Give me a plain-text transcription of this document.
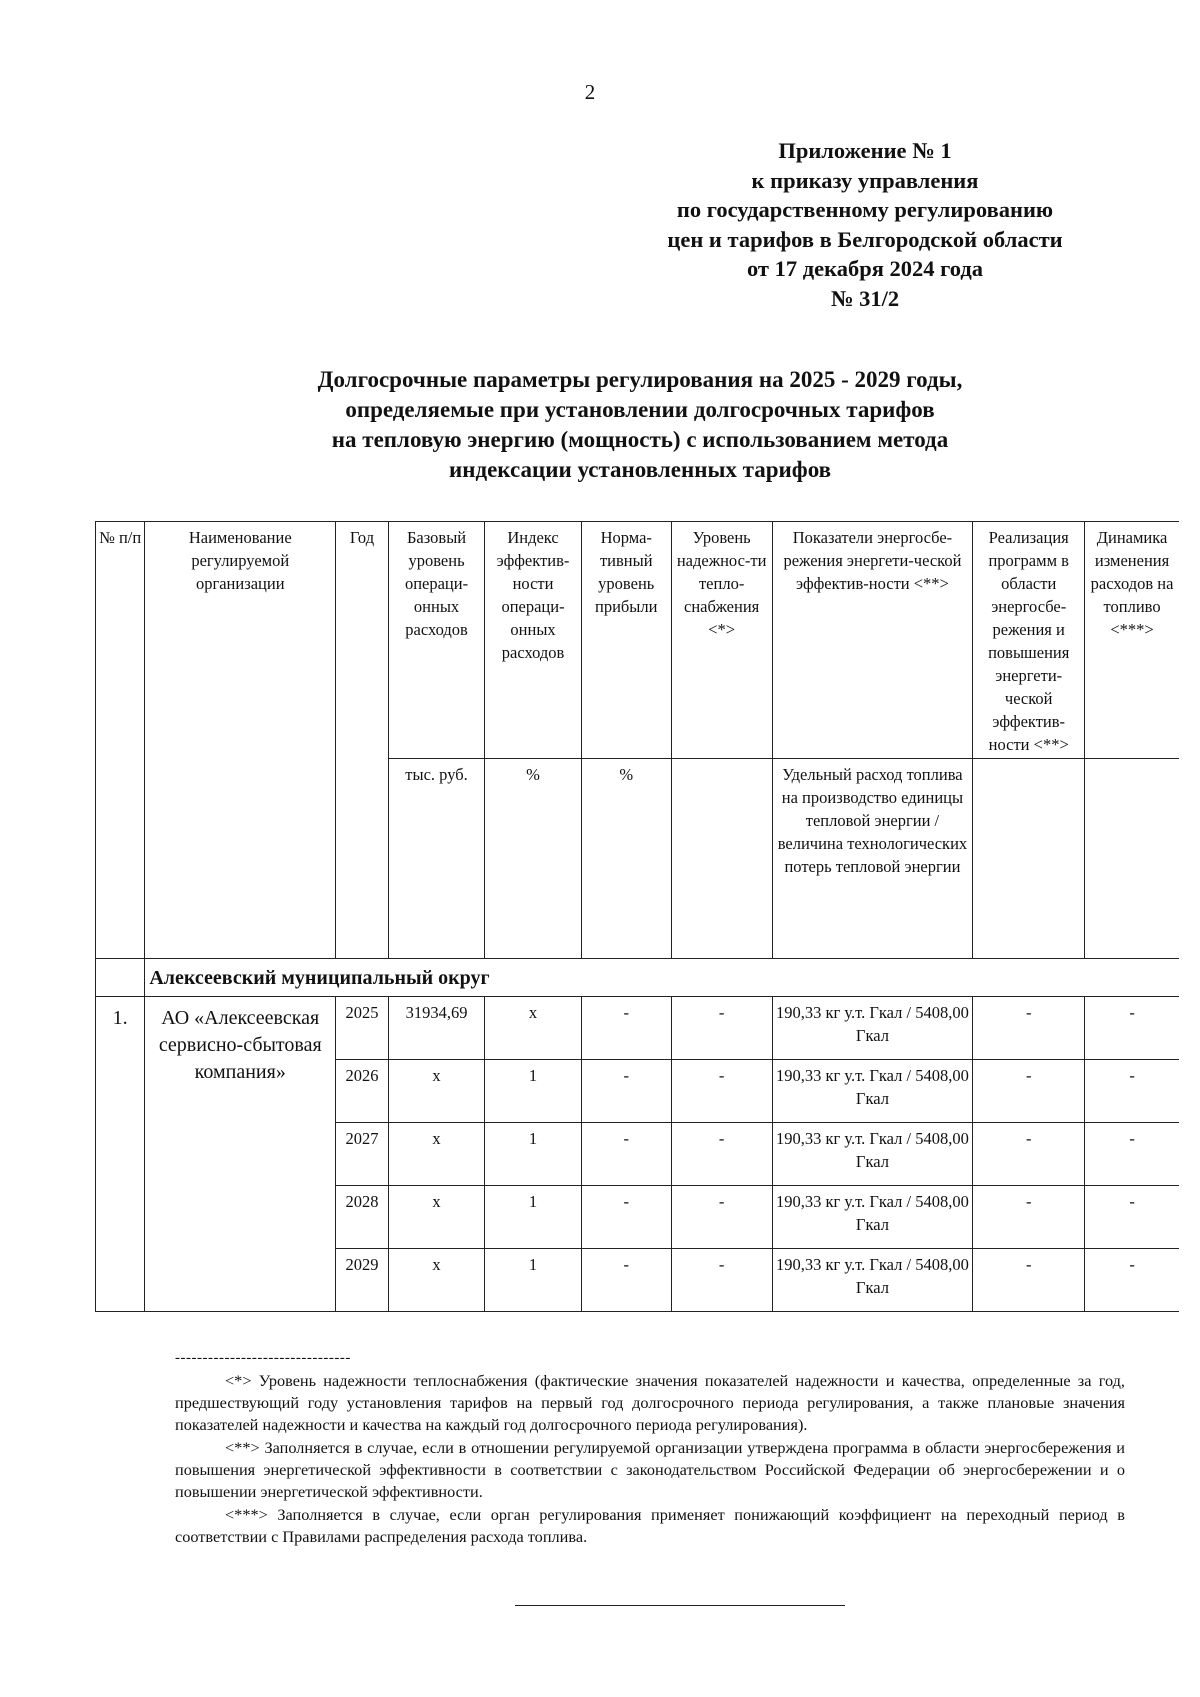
2
Приложение № 1
к приказу управления
по государственному регулированию
цен и тарифов в Белгородской области
от 17 декабря 2024 года
№ 31/2
Долгосрочные параметры регулирования на 2025 - 2029 годы,
определяемые при установлении долгосрочных тарифов
на тепловую энергию (мощность) с использованием метода
индексации установленных тарифов
№ п/п	Наименование регулируемой организации	Год	Базовый уровень операци-онных расходов	Индекс эффектив-ности операци-онных расходов	Норма-тивный уровень прибыли	Уровень надежнос-ти тепло-снабжения <*>	Показатели энергосбе-режения энергети-ческой эффектив-ности <**>	Реализация программ в области энергосбе-режения и повышения энергети-ческой эффектив-ности <**>	Динамика изменения расходов на топливо <***>
			тыс. руб.	%	%		Удельный расход топлива на производство единицы тепловой энергии / величина технологических потерь тепловой энергии		
	Алексеевский муниципальный округ								
1.	АО «Алексеевская сервисно-сбытовая компания»	2025	31934,69	х	-	-	190,33 кг у.т. Гкал / 5408,00 Гкал	-	-
		2026	х	1	-	-	190,33 кг у.т. Гкал / 5408,00 Гкал	-	-
		2027	х	1	-	-	190,33 кг у.т. Гкал / 5408,00 Гкал	-	-
		2028	х	1	-	-	190,33 кг у.т. Гкал / 5408,00 Гкал	-	-
		2029	х	1	-	-	190,33 кг у.т. Гкал / 5408,00 Гкал	-	-
--------------------------------

<*> Уровень надежности теплоснабжения (фактические значения показателей надежности и качества, определенные за год, предшествующий году установления тарифов на первый год долгосрочного периода регулирования, а также плановые значения показателей надежности и качества на каждый год долгосрочного периода регулирования).

<**> Заполняется в случае, если в отношении регулируемой организации утверждена программа в области энергосбережения и повышения энергетической эффективности в соответствии с законодательством Российской Федерации об энергосбережении и о повышении энергетической эффективности.

<***> Заполняется в случае, если орган регулирования применяет понижающий коэффициент на переходный период в соответствии с Правилами распределения расхода топлива.
